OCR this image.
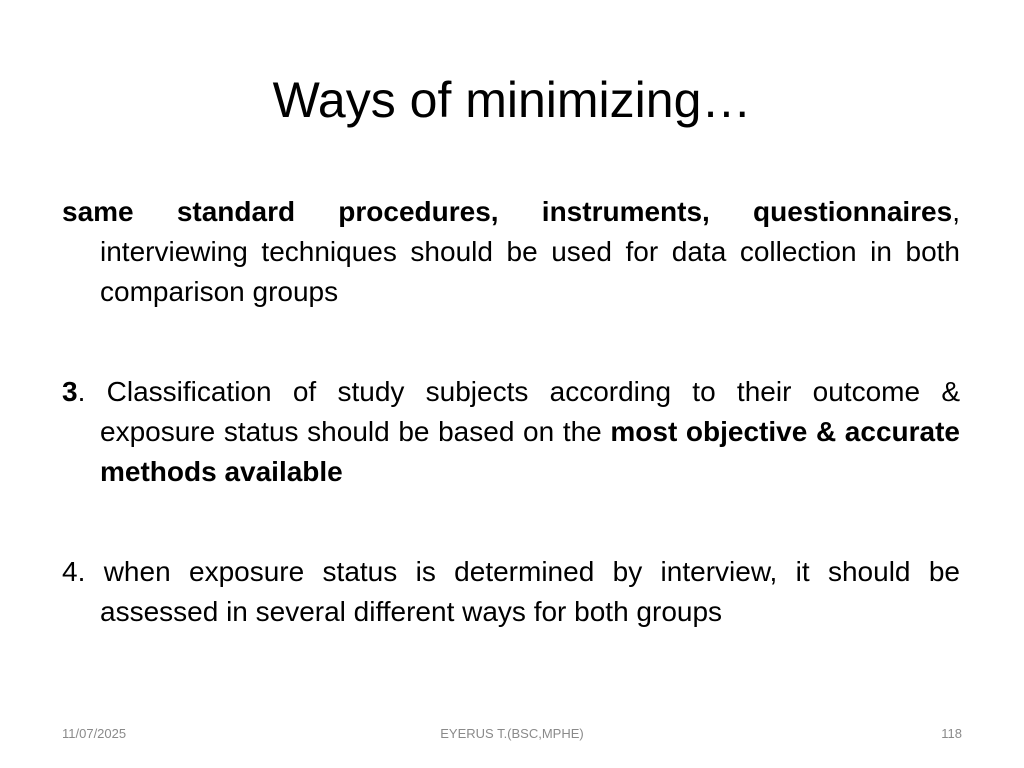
Ways of minimizing…

same standard procedures, instruments, questionnaires, interviewing techniques should be used for data collection in both comparison groups

3. Classification of study subjects according to their outcome & exposure status should be based on the most objective & accurate methods available

4. when exposure status is determined by interview, it should be assessed in several different ways for both groups

11/07/2025	EYERUS T.(BSC,MPHE)	118
